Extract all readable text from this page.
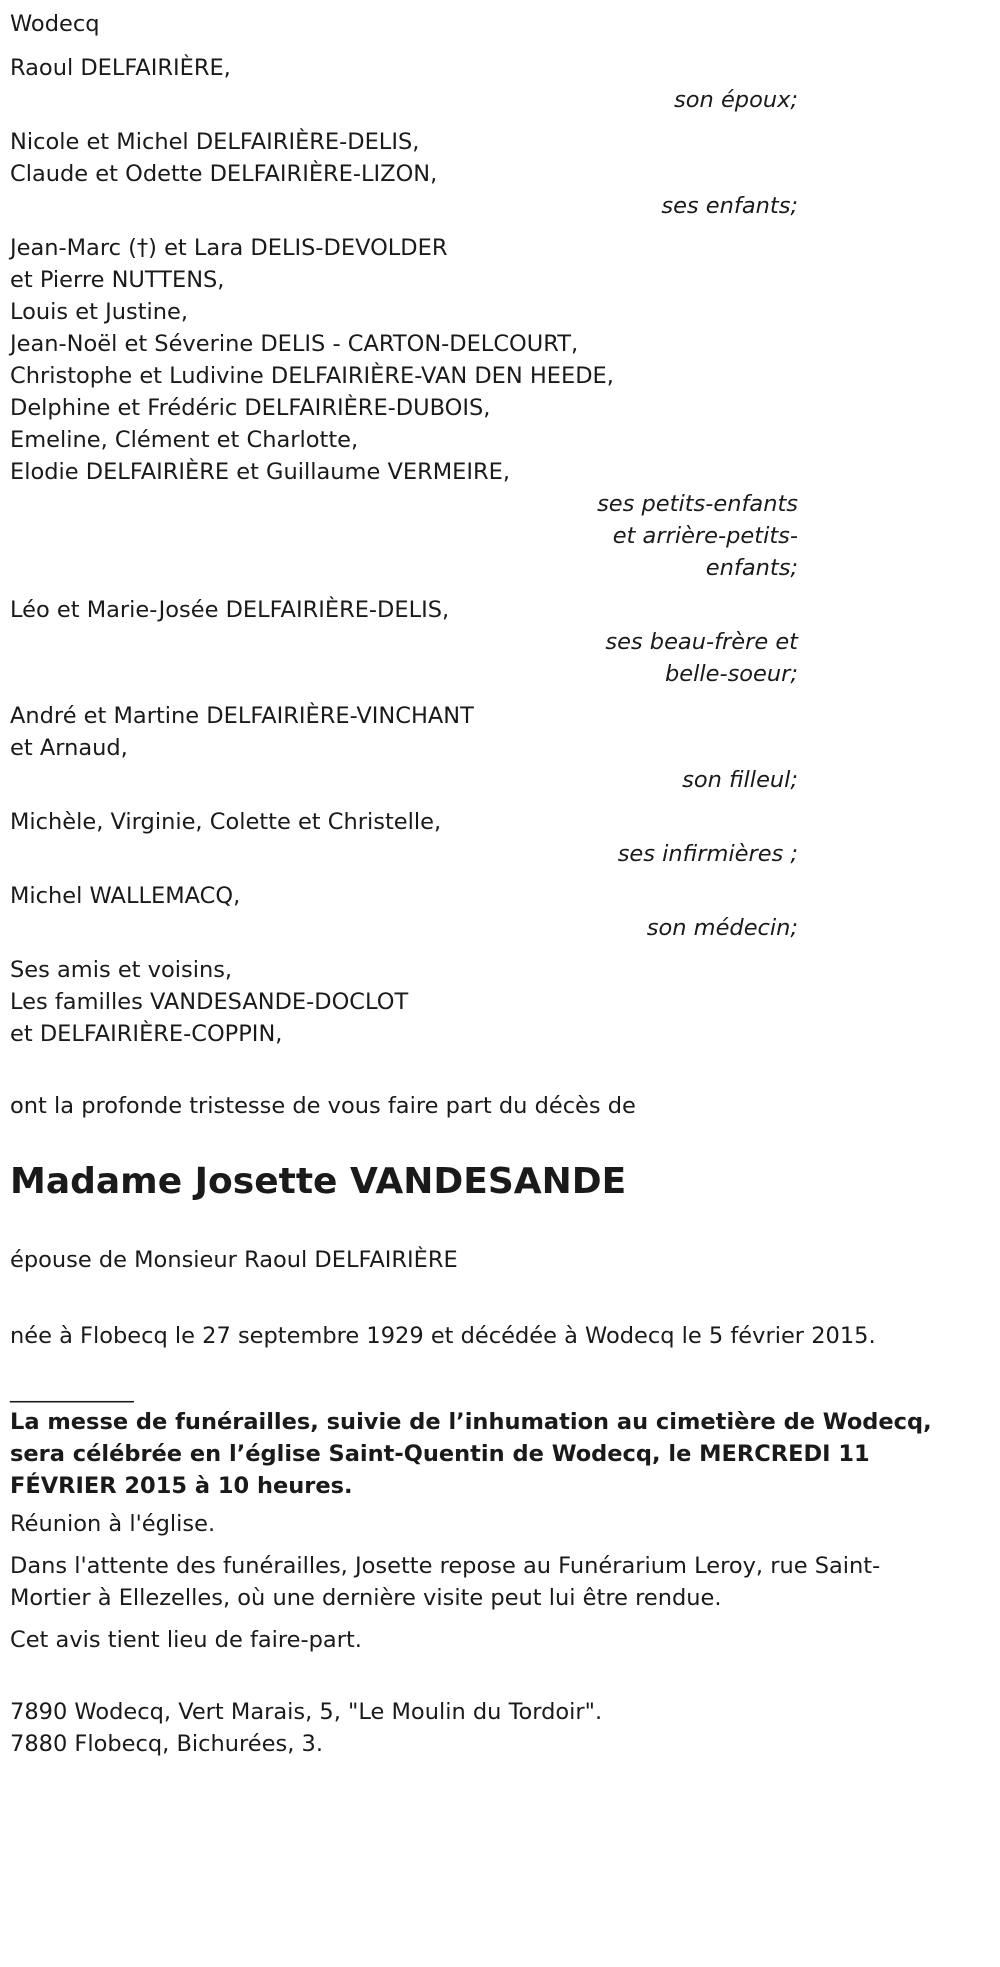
Wodecq
Raoul DELFAIRIÈRE,
son époux;
Nicole et Michel DELFAIRIÈRE-DELIS,
Claude et Odette DELFAIRIÈRE-LIZON,
ses enfants;
Jean-Marc (†) et Lara DELIS-DEVOLDER
et Pierre NUTTENS,
Louis et Justine,
Jean-Noël et Séverine DELIS - CARTON-DELCOURT,
Christophe et Ludivine DELFAIRIÈRE-VAN DEN HEEDE,
Delphine et Frédéric DELFAIRIÈRE-DUBOIS,
Emeline, Clément et Charlotte,
Elodie DELFAIRIÈRE et Guillaume VERMEIRE,
ses petits-enfants
et arrière-petits-
enfants;
Léo et Marie-Josée DELFAIRIÈRE-DELIS,
ses beau-frère et
belle-soeur;
André et Martine DELFAIRIÈRE-VINCHANT
et Arnaud,
son filleul;
Michèle, Virginie, Colette et Christelle,
ses infirmières ;
Michel WALLEMACQ,
son médecin;
Ses amis et voisins,
Les familles VANDESANDE-DOCLOT
et DELFAIRIÈRE-COPPIN,
ont la profonde tristesse de vous faire part du décès de
Madame Josette VANDESANDE
épouse de Monsieur Raoul DELFAIRIÈRE
née à Flobecq le 27 septembre 1929 et décédée à Wodecq le 5 février 2015.
___________
La messe de funérailles, suivie de l’inhumation au cimetière de Wodecq, sera célébrée en l’église Saint-Quentin de Wodecq, le MERCREDI 11 FÉVRIER 2015 à 10 heures.
Réunion à l'église.
Dans l'attente des funérailles, Josette repose au Funérarium Leroy, rue Saint-Mortier à Ellezelles, où une dernière visite peut lui être rendue.
Cet avis tient lieu de faire-part.
7890 Wodecq, Vert Marais, 5, "Le Moulin du Tordoir".
7880 Flobecq, Bichurées, 3.
